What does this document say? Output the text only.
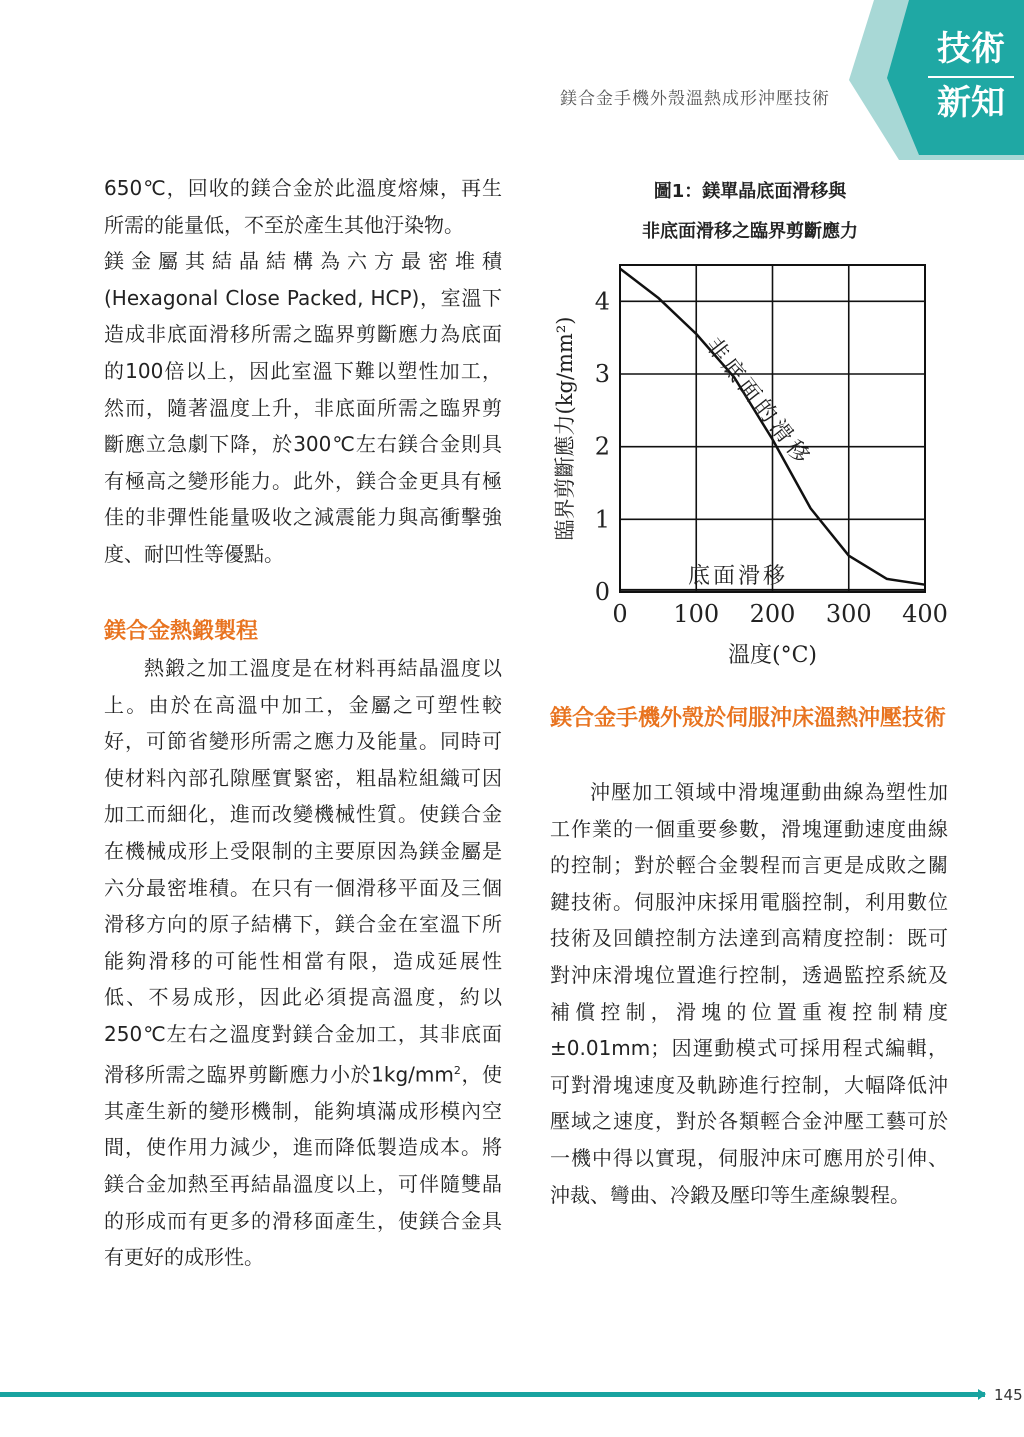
鎂合金手機外殼溫熱成形沖壓技術
技術
新知

650℃，回收的鎂合金於此溫度熔煉，再生所需的能量低，不至於產生其他汙染物。

鎂金屬其結晶結構為六方最密堆積(Hexagonal Close Packed, HCP)，室溫下造成非底面滑移所需之臨界剪斷應力為底面的100倍以上，因此室溫下難以塑性加工，然而，隨著溫度上升，非底面所需之臨界剪斷應立急劇下降，於300℃左右鎂合金則具有極高之變形能力。此外，鎂合金更具有極佳的非彈性能量吸收之減震能力與高衝擊強度、耐凹性等優點。

鎂合金熱鍛製程

熱鍛之加工溫度是在材料再結晶溫度以上。由於在高溫中加工，金屬之可塑性較好，可節省變形所需之應力及能量。同時可使材料內部孔隙壓實緊密，粗晶粒組織可因加工而細化，進而改變機械性質。使鎂合金在機械成形上受限制的主要原因為鎂金屬是六分最密堆積。在只有一個滑移平面及三個滑移方向的原子結構下，鎂合金在室溫下所能夠滑移的可能性相當有限，造成延展性低、不易成形，因此必須提高溫度，約以250℃左右之溫度對鎂合金加工，其非底面滑移所需之臨界剪斷應力小於$1kg/mm^2$，使其產生新的變形機制，能夠填滿成形模內空間，使作用力減少，進而降低製造成本。將鎂合金加熱至再結晶溫度以上，可伴隨雙晶的形成而有更多的滑移面產生，使鎂合金具有更好的成形性。

圖1：鎂單晶底面滑移與
非底面滑移之臨界剪斷應力
0 100 200 300 400
0
1
2
3
4
非底面的滑移
底面滑移
溫度(°C)
臨界剪斷應力(kg/mm²)
鎂合金手機外殼於伺服沖床溫熱沖壓技術

沖壓加工領域中滑塊運動曲線為塑性加工作業的一個重要參數，滑塊運動速度曲線的控制；對於輕合金製程而言更是成敗之關鍵技術。伺服沖床採用電腦控制，利用數位技術及回饋控制方法達到高精度控制：既可對沖床滑塊位置進行控制，透過監控系統及補償控制，滑塊的位置重複控制精度±0.01mm；因運動模式可採用程式編輯，可對滑塊速度及軌跡進行控制，大幅降低沖壓域之速度，對於各類輕合金沖壓工藝可於一機中得以實現，伺服沖床可應用於引伸、沖裁、彎曲、冷鍛及壓印等生產線製程。

145
